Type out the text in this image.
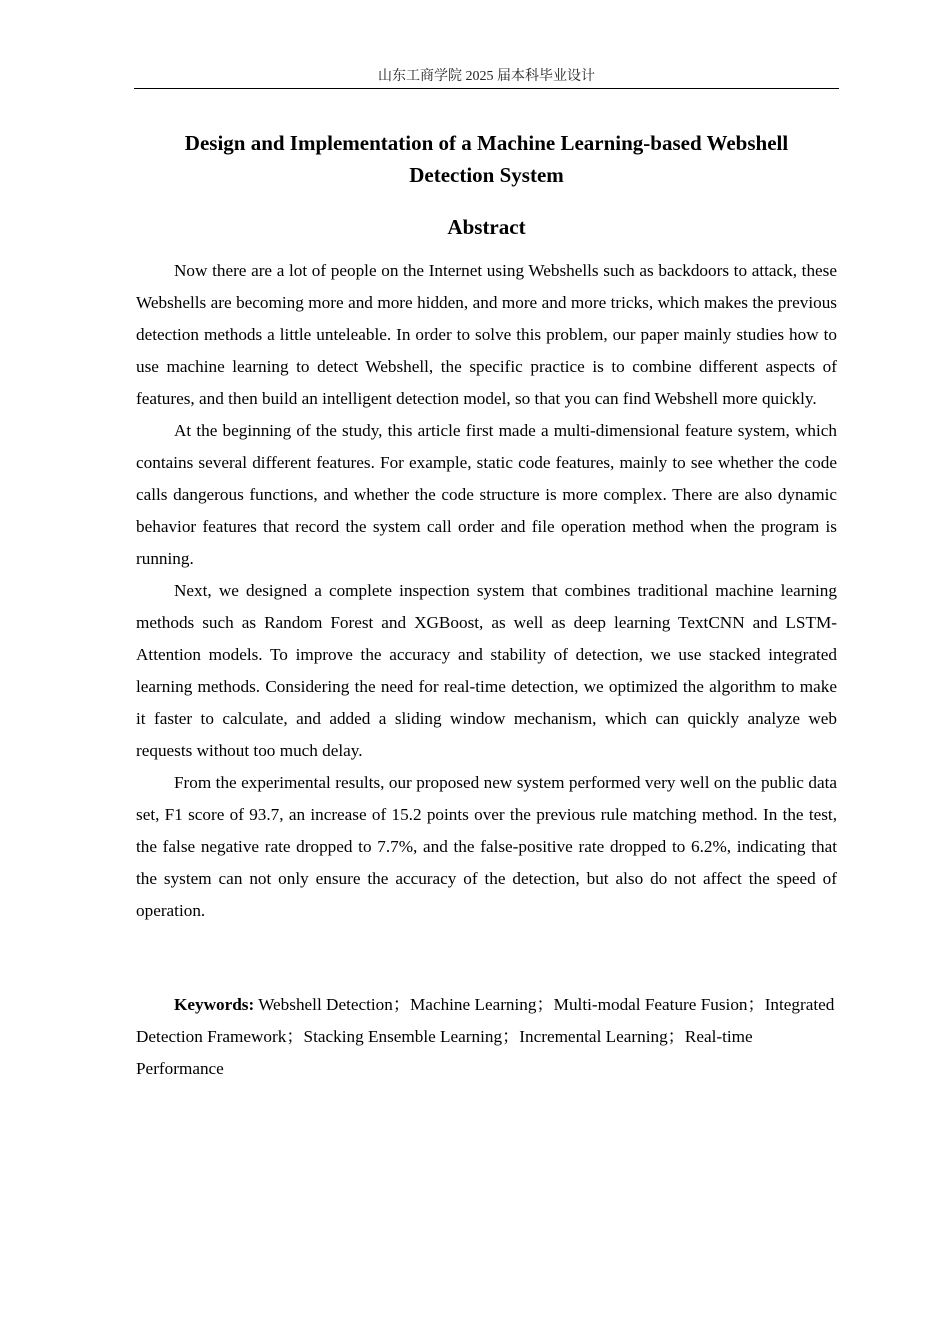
山东工商学院 2025 届本科毕业设计
Design and Implementation of a Machine Learning-based Webshell
Detection System
Abstract

Now there are a lot of people on the Internet using Webshells such as backdoors to attack, these Webshells are becoming more and more hidden, and more and more tricks, which makes the previous detection methods a little unteleable. In order to solve this problem, our paper mainly studies how to use machine learning to detect Webshell, the specific practice is to combine different aspects of features, and then build an intelligent detection model, so that you can find Webshell more quickly.

At the beginning of the study, this article first made a multi-dimensional feature system, which contains several different features. For example, static code features, mainly to see whether the code calls dangerous functions, and whether the code structure is more complex. There are also dynamic behavior features that record the system call order and file operation method when the program is running.

Next, we designed a complete inspection system that combines traditional machine learning methods such as Random Forest and XGBoost, as well as deep learning TextCNN and LSTM-Attention models. To improve the accuracy and stability of detection, we use stacked integrated learning methods. Considering the need for real-time detection, we optimized the algorithm to make it faster to calculate, and added a sliding window mechanism, which can quickly analyze web requests without too much delay.

From the experimental results, our proposed new system performed very well on the public data set, F1 score of 93.7, an increase of 15.2 points over the previous rule matching method. In the test, the false negative rate dropped to 7.7%, and the false-positive rate dropped to 6.2%, indicating that the system can not only ensure the accuracy of the detection, but also do not affect the speed of operation.

Keywords: Webshell Detection；Machine Learning；Multi-modal Feature Fusion；Integrated Detection Framework；Stacking Ensemble Learning；Incremental Learning；Real-time Performance
